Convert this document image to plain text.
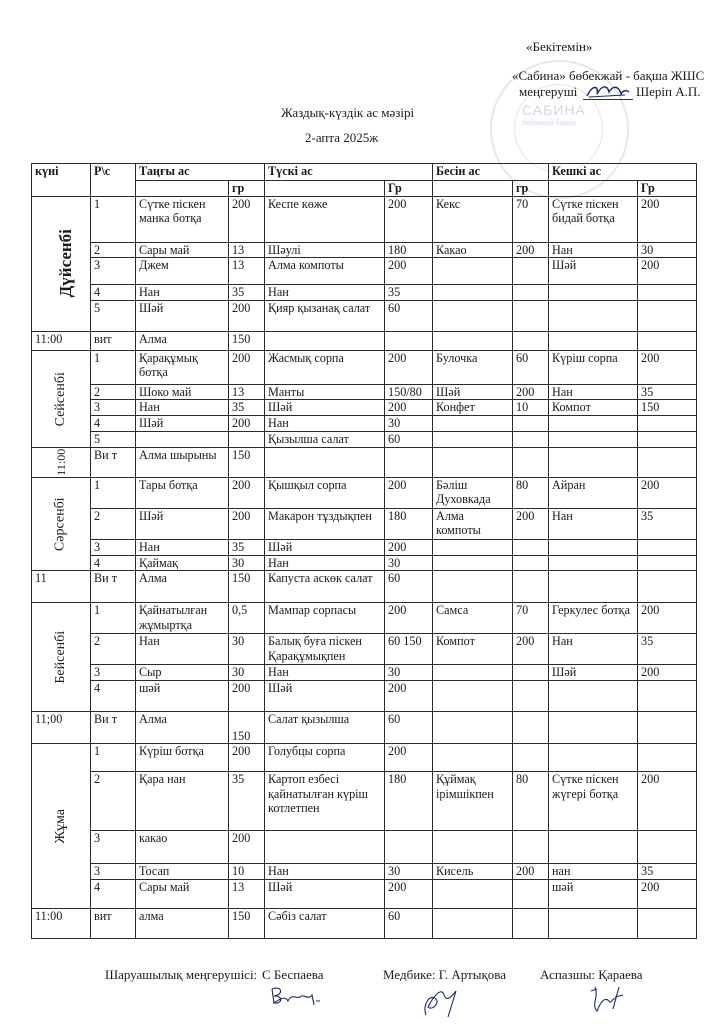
САБИНА
бөбекжай-бақша
«Бекітемін»
«Сабина» бөбекжай - бақша ЖШС
меңгеруші	Шеріп А.П.
Жаздық-күздік ас мәзірі
2-апта 2025ж
күні	Р\с	Таңғы ас		Түскі ас		Бесін ас		Кешкі ас	
			гр		Гр		гр		Гр
Дүйсенбі	1	Сүтке піскен манка ботқа	200	Кеспе көже	200	Кекс	70	Сүтке піскен бидай ботқа	200
	2	Сары май	13	Шәулі	180	Какао	200	Нан	30
	3	Джем	13	Алма компоты	200			Шәй	200
	4	Нан	35	Нан	35				
	5	Шәй	200	Қияр қызанақ салат	60				
11:00	вит	Алма	150						
Сейсенбі	1	Қарақұмық ботқа	200	Жасмық сорпа	200	Булочка	60	Күріш сорпа	200
	2	Шоко май	13	Манты	150/80	Шәй	200	Нан	35
	3	Нан	35	Шәй	200	Конфет	10	Компот	150
	4	Шәй	200	Нан	30				
	5			Қызылша салат	60				
11:00	Ви т	Алма шырыны	150						
Сәрсенбі	1	Тары ботқа	200	Қышқыл сорпа	200	Бәліш Духовкада	80	Айран	200
	2	Шәй	200	Макарон тұздықпен	180	Алма компоты	200	Нан	35
	3	Нан	35	Шәй	200				
	4	Қаймақ	30	Нан	30				
11	Ви т	Алма	150	Капуста аскөк салат	60				
Бейсенбі	1	Қайнатылған жұмыртқа	0,5	Мампар сорпасы	200	Самса	70	Геркулес ботқа	200
	2	Нан	30	Балық буға піскен Қарақұмықпен	60 150	Компот	200	Нан	35
	3	Сыр	30	Нан	30			Шәй	200
	4	шәй	200	Шәй	200				
11;00	Ви т	Алма	150	Салат қызылша	60				
Жұма	1	Күріш ботқа	200	Голубцы сорпа	200				
	2	Қара нан	35	Картоп езбесі қайнатылған күріш котлетпен	180	Құймақ ірімшікпен	80	Сүтке піскен жүгері ботқа	200
	3	какао	200						
	3	Тосап	10	Нан	30	Кисель	200	нан	35
	4	Сары май	13	Шәй	200			шәй	200
11:00	вит	алма	150	Сәбіз салат	60				
Шаруашылық меңгерушісі: С Беспаева	Медбике: Г. Артықова	Аспазшы: Қараева
